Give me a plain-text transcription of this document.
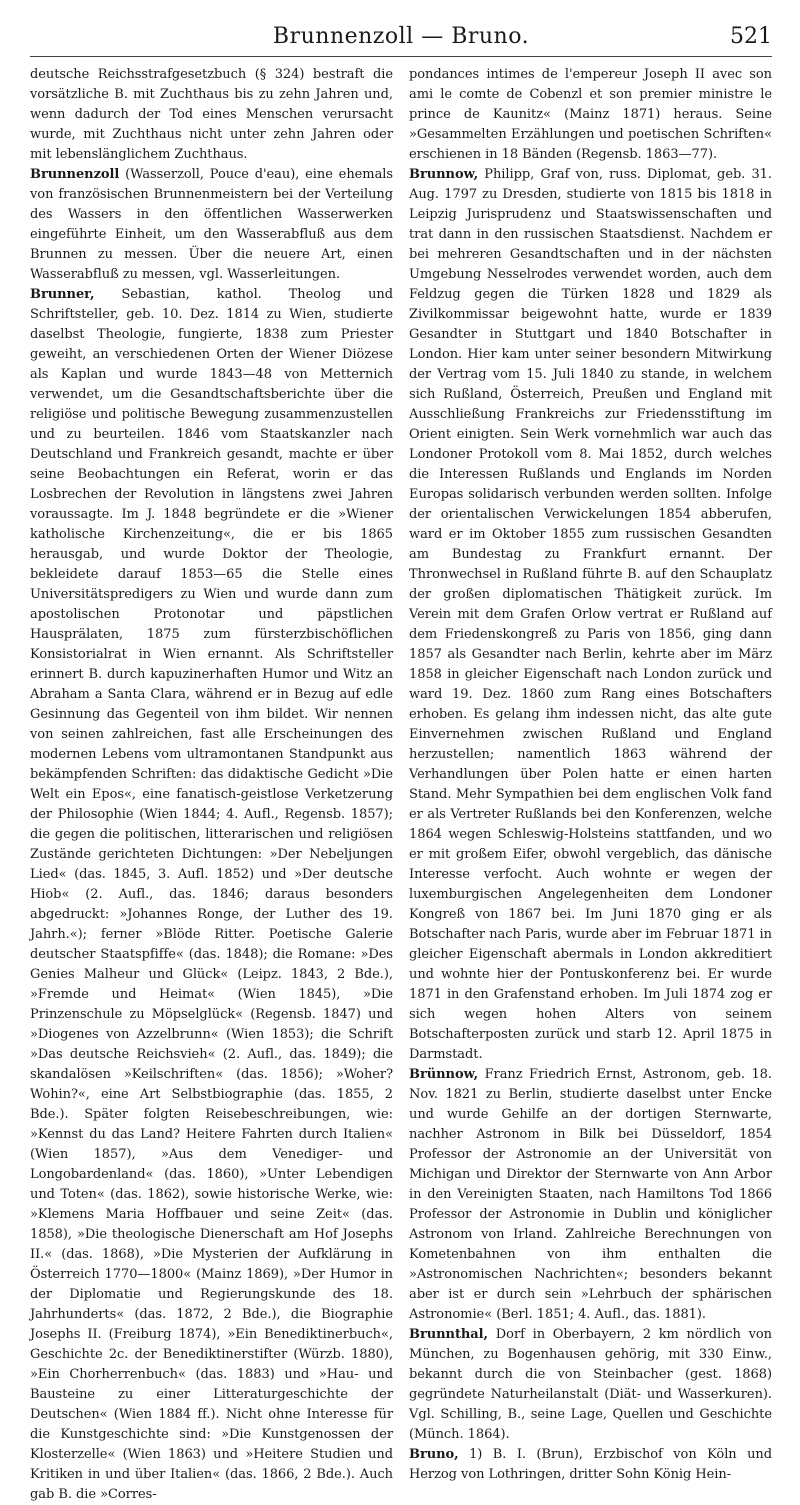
Brunnenzoll — Bruno.	521

deutsche Reichsstrafgesetzbuch (§ 324) bestraft die vorsätzliche B. mit Zuchthaus bis zu zehn Jahren und, wenn dadurch der Tod eines Menschen verursacht wurde, mit Zuchthaus nicht unter zehn Jahren oder mit lebenslänglichem Zuchthaus.

Brunnenzoll (Wasserzoll, Pouce d'eau), eine ehemals von französischen Brunnenmeistern bei der Verteilung des Wassers in den öffentlichen Wasserwerken eingeführte Einheit, um den Wasserabfluß aus dem Brunnen zu messen. Über die neuere Art, einen Wasserabfluß zu messen, vgl. Wasserleitungen.

Brunner, Sebastian, kathol. Theolog und Schriftsteller, geb. 10. Dez. 1814 zu Wien, studierte daselbst Theologie, fungierte, 1838 zum Priester geweiht, an verschiedenen Orten der Wiener Diözese als Kaplan und wurde 1843—48 von Metternich verwendet, um die Gesandtschaftsberichte über die religiöse und politische Bewegung zusammenzustellen und zu beurteilen. 1846 vom Staatskanzler nach Deutschland und Frankreich gesandt, machte er über seine Beobachtungen ein Referat, worin er das Losbrechen der Revolution in längstens zwei Jahren voraussagte. Im J. 1848 begründete er die »Wiener katholische Kirchenzeitung«, die er bis 1865 herausgab, und wurde Doktor der Theologie, bekleidete darauf 1853—65 die Stelle eines Universitätspredigers zu Wien und wurde dann zum apostolischen Protonotar und päpstlichen Hausprälaten, 1875 zum fürsterzbischöflichen Konsistorialrat in Wien ernannt. Als Schriftsteller erinnert B. durch kapuzinerhaften Humor und Witz an Abraham a Santa Clara, während er in Bezug auf edle Gesinnung das Gegenteil von ihm bildet. Wir nennen von seinen zahlreichen, fast alle Erscheinungen des modernen Lebens vom ultramontanen Standpunkt aus bekämpfenden Schriften: das didaktische Gedicht »Die Welt ein Epos«, eine fanatisch-geistlose Verketzerung der Philosophie (Wien 1844; 4. Aufl., Regensb. 1857); die gegen die politischen, litterarischen und religiösen Zustände gerichteten Dichtungen: »Der Nebeljungen Lied« (das. 1845, 3. Aufl. 1852) und »Der deutsche Hiob« (2. Aufl., das. 1846; daraus besonders abgedruckt: »Johannes Ronge, der Luther des 19. Jahrh.«); ferner »Blöde Ritter. Poetische Galerie deutscher Staatspfiffe« (das. 1848); die Romane: »Des Genies Malheur und Glück« (Leipz. 1843, 2 Bde.), »Fremde und Heimat« (Wien 1845), »Die Prinzenschule zu Möpselglück« (Regensb. 1847) und »Diogenes von Azzelbrunn« (Wien 1853); die Schrift »Das deutsche Reichsvieh« (2. Aufl., das. 1849); die skandalösen »Keilschriften« (das. 1856); »Woher? Wohin?«, eine Art Selbstbiographie (das. 1855, 2 Bde.). Später folgten Reisebeschreibungen, wie: »Kennst du das Land? Heitere Fahrten durch Italien« (Wien 1857), »Aus dem Venediger- und Longobardenland« (das. 1860), »Unter Lebendigen und Toten« (das. 1862), sowie historische Werke, wie: »Klemens Maria Hoffbauer und seine Zeit« (das. 1858), »Die theologische Dienerschaft am Hof Josephs II.« (das. 1868), »Die Mysterien der Aufklärung in Österreich 1770—1800« (Mainz 1869), »Der Humor in der Diplomatie und Regierungskunde des 18. Jahrhunderts« (das. 1872, 2 Bde.), die Biographie Josephs II. (Freiburg 1874), »Ein Benediktinerbuch«, Geschichte 2c. der Benediktinerstifter (Würzb. 1880), »Ein Chorherrenbuch« (das. 1883) und »Hau- und Bausteine zu einer Litteraturgeschichte der Deutschen« (Wien 1884 ff.). Nicht ohne Interesse für die Kunstgeschichte sind: »Die Kunstgenossen der Klosterzelle« (Wien 1863) und »Heitere Studien und Kritiken in und über Italien« (das. 1866, 2 Bde.). Auch gab B. die »Corres-

pondances intimes de l'empereur Joseph II avec son ami le comte de Cobenzl et son premier ministre le prince de Kaunitz« (Mainz 1871) heraus. Seine »Gesammelten Erzählungen und poetischen Schriften« erschienen in 18 Bänden (Regensb. 1863—77).

Brunnow, Philipp, Graf von, russ. Diplomat, geb. 31. Aug. 1797 zu Dresden, studierte von 1815 bis 1818 in Leipzig Jurisprudenz und Staatswissenschaften und trat dann in den russischen Staatsdienst. Nachdem er bei mehreren Gesandtschaften und in der nächsten Umgebung Nesselrodes verwendet worden, auch dem Feldzug gegen die Türken 1828 und 1829 als Zivilkommissar beigewohnt hatte, wurde er 1839 Gesandter in Stuttgart und 1840 Botschafter in London. Hier kam unter seiner besondern Mitwirkung der Vertrag vom 15. Juli 1840 zu stande, in welchem sich Rußland, Österreich, Preußen und England mit Ausschließung Frankreichs zur Friedensstiftung im Orient einigten. Sein Werk vornehmlich war auch das Londoner Protokoll vom 8. Mai 1852, durch welches die Interessen Rußlands und Englands im Norden Europas solidarisch verbunden werden sollten. Infolge der orientalischen Verwickelungen 1854 abberufen, ward er im Oktober 1855 zum russischen Gesandten am Bundestag zu Frankfurt ernannt. Der Thronwechsel in Rußland führte B. auf den Schauplatz der großen diplomatischen Thätigkeit zurück. Im Verein mit dem Grafen Orlow vertrat er Rußland auf dem Friedenskongreß zu Paris von 1856, ging dann 1857 als Gesandter nach Berlin, kehrte aber im März 1858 in gleicher Eigenschaft nach London zurück und ward 19. Dez. 1860 zum Rang eines Botschafters erhoben. Es gelang ihm indessen nicht, das alte gute Einvernehmen zwischen Rußland und England herzustellen; namentlich 1863 während der Verhandlungen über Polen hatte er einen harten Stand. Mehr Sympathien bei dem englischen Volk fand er als Vertreter Rußlands bei den Konferenzen, welche 1864 wegen Schleswig-Holsteins stattfanden, und wo er mit großem Eifer, obwohl vergeblich, das dänische Interesse verfocht. Auch wohnte er wegen der luxemburgischen Angelegenheiten dem Londoner Kongreß von 1867 bei. Im Juni 1870 ging er als Botschafter nach Paris, wurde aber im Februar 1871 in gleicher Eigenschaft abermals in London akkreditiert und wohnte hier der Pontuskonferenz bei. Er wurde 1871 in den Grafenstand erhoben. Im Juli 1874 zog er sich wegen hohen Alters von seinem Botschafterposten zurück und starb 12. April 1875 in Darmstadt.

Brünnow, Franz Friedrich Ernst, Astronom, geb. 18. Nov. 1821 zu Berlin, studierte daselbst unter Encke und wurde Gehilfe an der dortigen Sternwarte, nachher Astronom in Bilk bei Düsseldorf, 1854 Professor der Astronomie an der Universität von Michigan und Direktor der Sternwarte von Ann Arbor in den Vereinigten Staaten, nach Hamiltons Tod 1866 Professor der Astronomie in Dublin und königlicher Astronom von Irland. Zahlreiche Berechnungen von Kometenbahnen von ihm enthalten die »Astronomischen Nachrichten«; besonders bekannt aber ist er durch sein »Lehrbuch der sphärischen Astronomie« (Berl. 1851; 4. Aufl., das. 1881).

Brunnthal, Dorf in Oberbayern, 2 km nördlich von München, zu Bogenhausen gehörig, mit 330 Einw., bekannt durch die von Steinbacher (gest. 1868) gegründete Naturheilanstalt (Diät- und Wasserkuren). Vgl. Schilling, B., seine Lage, Quellen und Geschichte (Münch. 1864).

Bruno, 1) B. I. (Brun), Erzbischof von Köln und Herzog von Lothringen, dritter Sohn König Hein-
